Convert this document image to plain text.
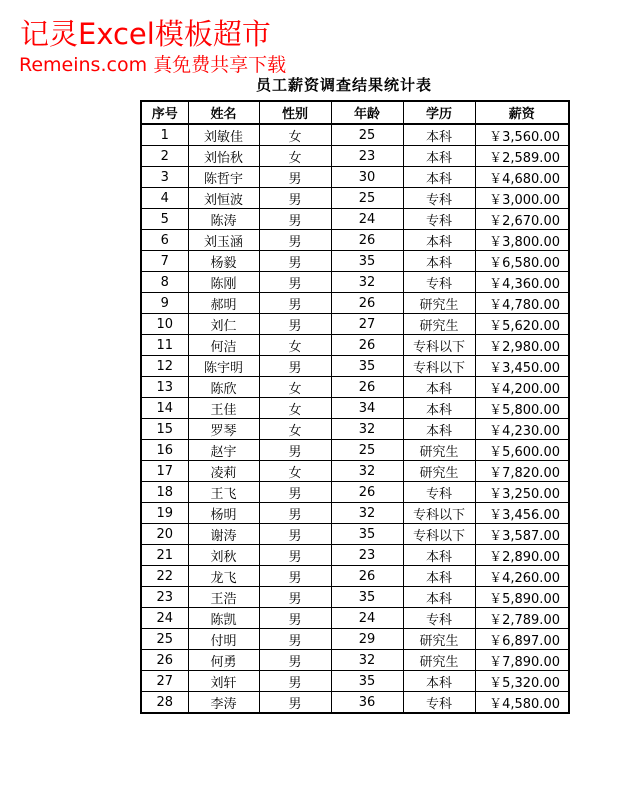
记灵Excel模板超市
Remeins.com 真免费共享下载
员工薪资调查结果统计表
序号	姓名	性别	年龄	学历	薪资
1	刘敏佳	女	25	本科	￥3,560.00
2	刘怡秋	女	23	本科	￥2,589.00
3	陈哲宇	男	30	本科	￥4,680.00
4	刘恒波	男	25	专科	￥3,000.00
5	陈涛	男	24	专科	￥2,670.00
6	刘玉涵	男	26	本科	￥3,800.00
7	杨毅	男	35	本科	￥6,580.00
8	陈刚	男	32	专科	￥4,360.00
9	郝明	男	26	研究生	￥4,780.00
10	刘仁	男	27	研究生	￥5,620.00
11	何洁	女	26	专科以下	￥2,980.00
12	陈宇明	男	35	专科以下	￥3,450.00
13	陈欣	女	26	本科	￥4,200.00
14	王佳	女	34	本科	￥5,800.00
15	罗琴	女	32	本科	￥4,230.00
16	赵宇	男	25	研究生	￥5,600.00
17	凌莉	女	32	研究生	￥7,820.00
18	王飞	男	26	专科	￥3,250.00
19	杨明	男	32	专科以下	￥3,456.00
20	谢涛	男	35	专科以下	￥3,587.00
21	刘秋	男	23	本科	￥2,890.00
22	龙飞	男	26	本科	￥4,260.00
23	王浩	男	35	本科	￥5,890.00
24	陈凯	男	24	专科	￥2,789.00
25	付明	男	29	研究生	￥6,897.00
26	何勇	男	32	研究生	￥7,890.00
27	刘轩	男	35	本科	￥5,320.00
28	李涛	男	36	专科	￥4,580.00
